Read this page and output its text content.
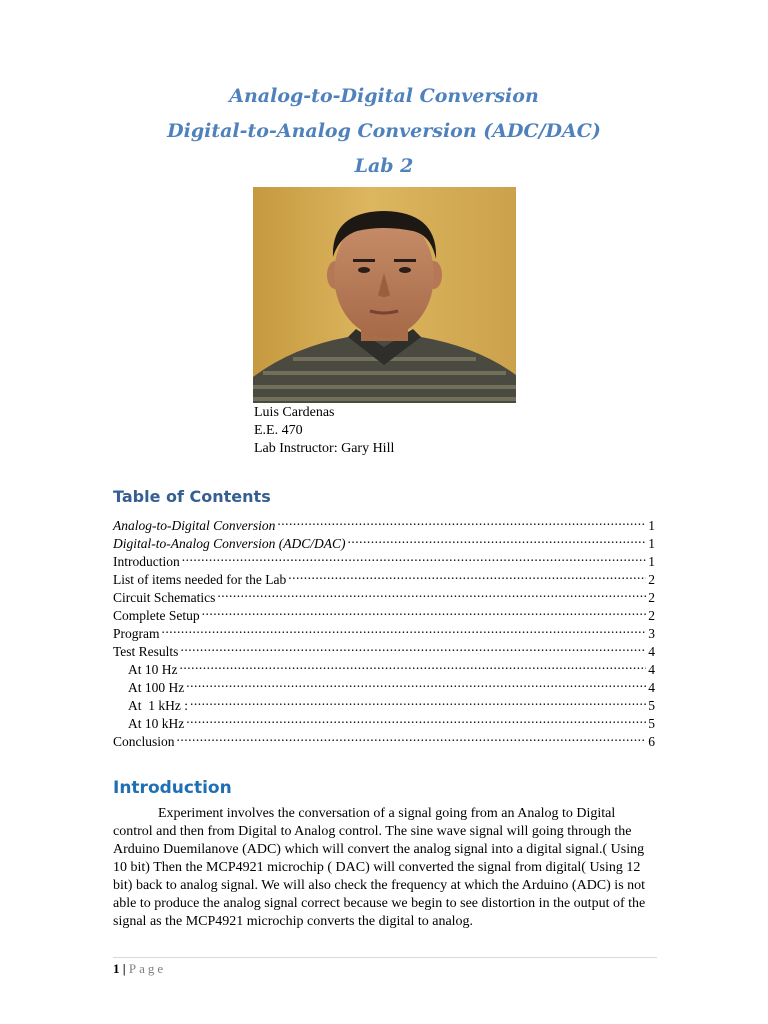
Analog-to-Digital Conversion
Digital-to-Analog Conversion (ADC/DAC)
Lab 2
Luis Cardenas
E.E. 470
Lab Instructor: Gary Hill
Table of Contents
Analog-to-Digital Conversion .....	1
Digital-to-Analog Conversion (ADC/DAC) .....	1
Introduction .....	1
List of items needed for the Lab .....	2
Circuit Schematics .....	2
Complete Setup .....	2
Program .....	3
Test Results .....	4
At 10 Hz .....	4
At 100 Hz .....	4
At  1 kHz : .....	5
At 10 kHz .....	5
Conclusion .....	6
Introduction

Experiment involves the conversation of a signal going from an Analog to Digital control and then from Digital to Analog control. The sine wave signal will going through the Arduino Duemilanove (ADC) which will convert the analog signal into a digital signal.( Using 10 bit) Then the MCP4921 microchip ( DAC) will converted the signal from digital( Using 12 bit) back to analog signal. We will also check the frequency at which the Arduino (ADC) is not able to produce the analog signal correct because we begin to see distortion in the output of the signal as the MCP4921 microchip converts the digital to analog.

1 | Page
